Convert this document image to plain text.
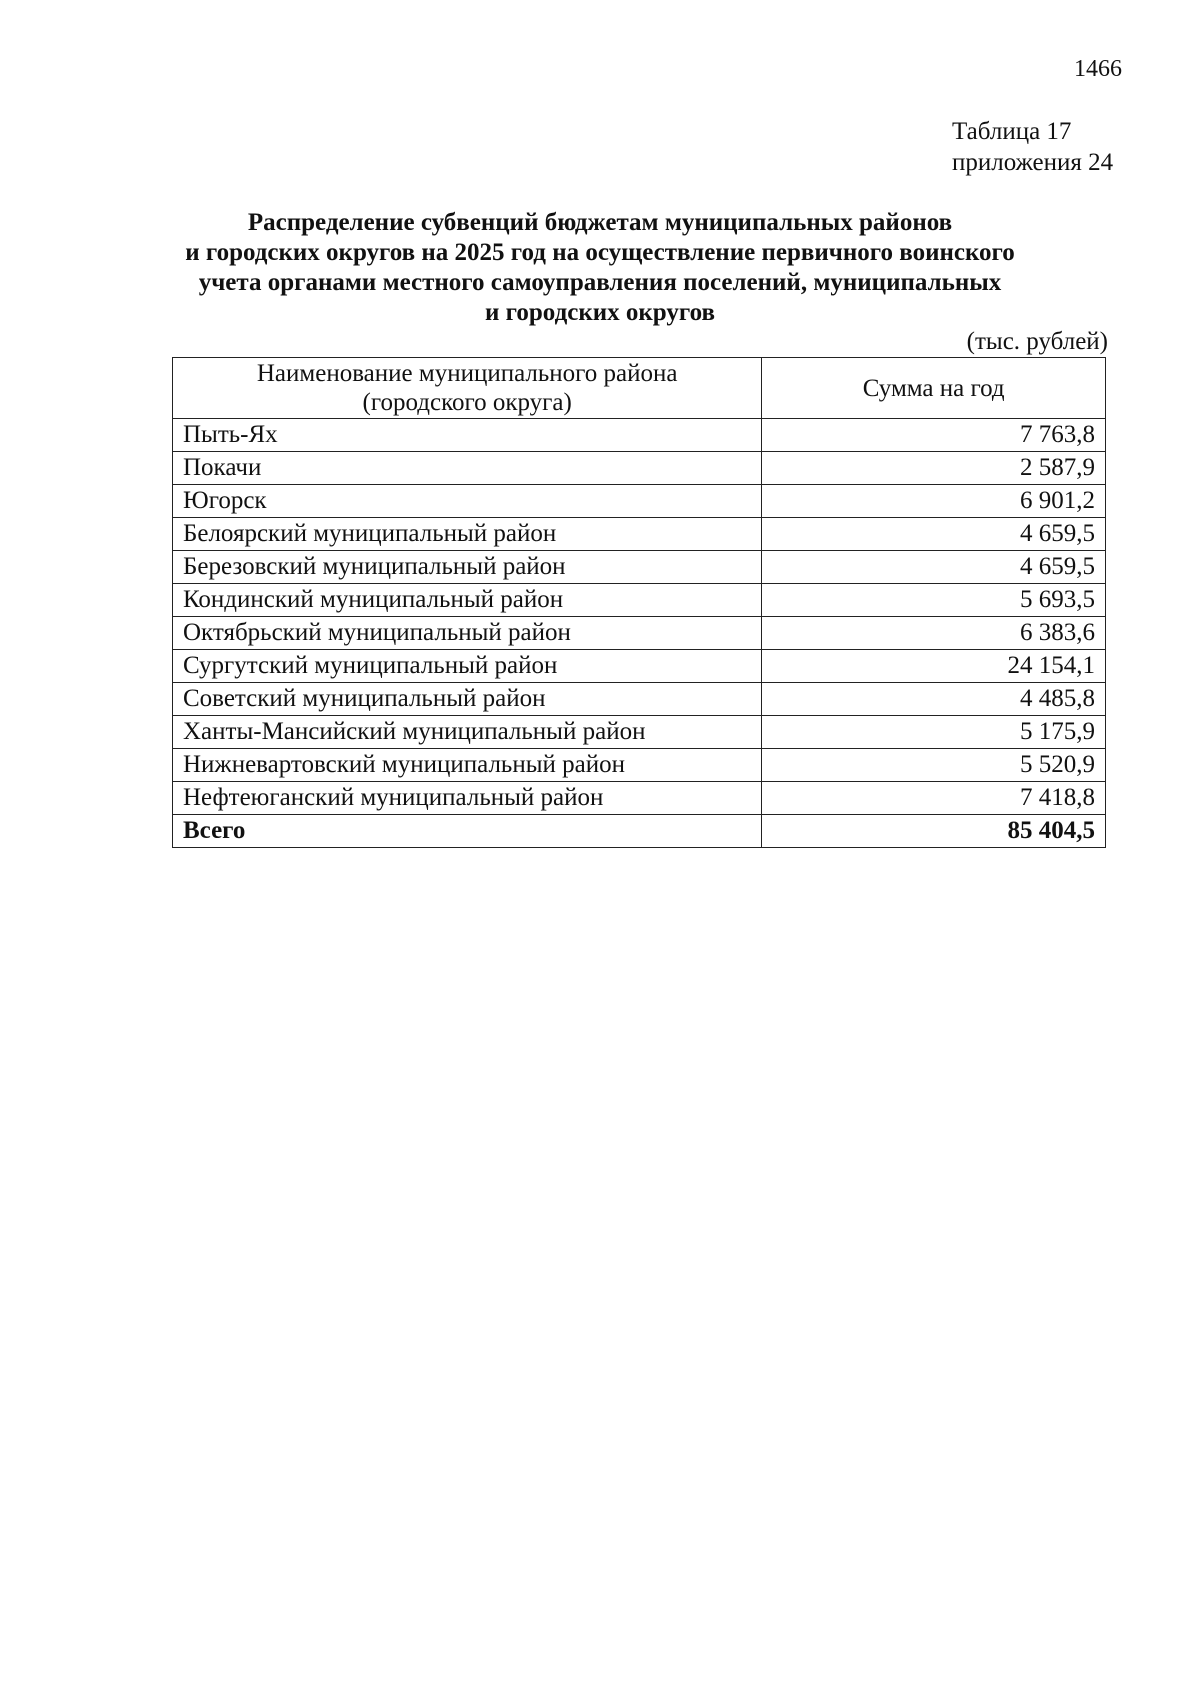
1466
Таблица 17
приложения 24
Распределение субвенций бюджетам муниципальных районов
и городских округов на 2025 год на осуществление первичного воинского
учета органами местного самоуправления поселений, муниципальных
и городских округов
(тыс. рублей)
Наименование муниципального района
(городского округа)	Сумма на год
Пыть-Ях	7 763,8
Покачи	2 587,9
Югорск	6 901,2
Белоярский муниципальный район	4 659,5
Березовский муниципальный район	4 659,5
Кондинский муниципальный район	5 693,5
Октябрьский муниципальный район	6 383,6
Сургутский муниципальный район	24 154,1
Советский муниципальный район	4 485,8
Ханты-Мансийский муниципальный район	5 175,9
Нижневартовский муниципальный район	5 520,9
Нефтеюганский муниципальный район	7 418,8
Всего	85 404,5
